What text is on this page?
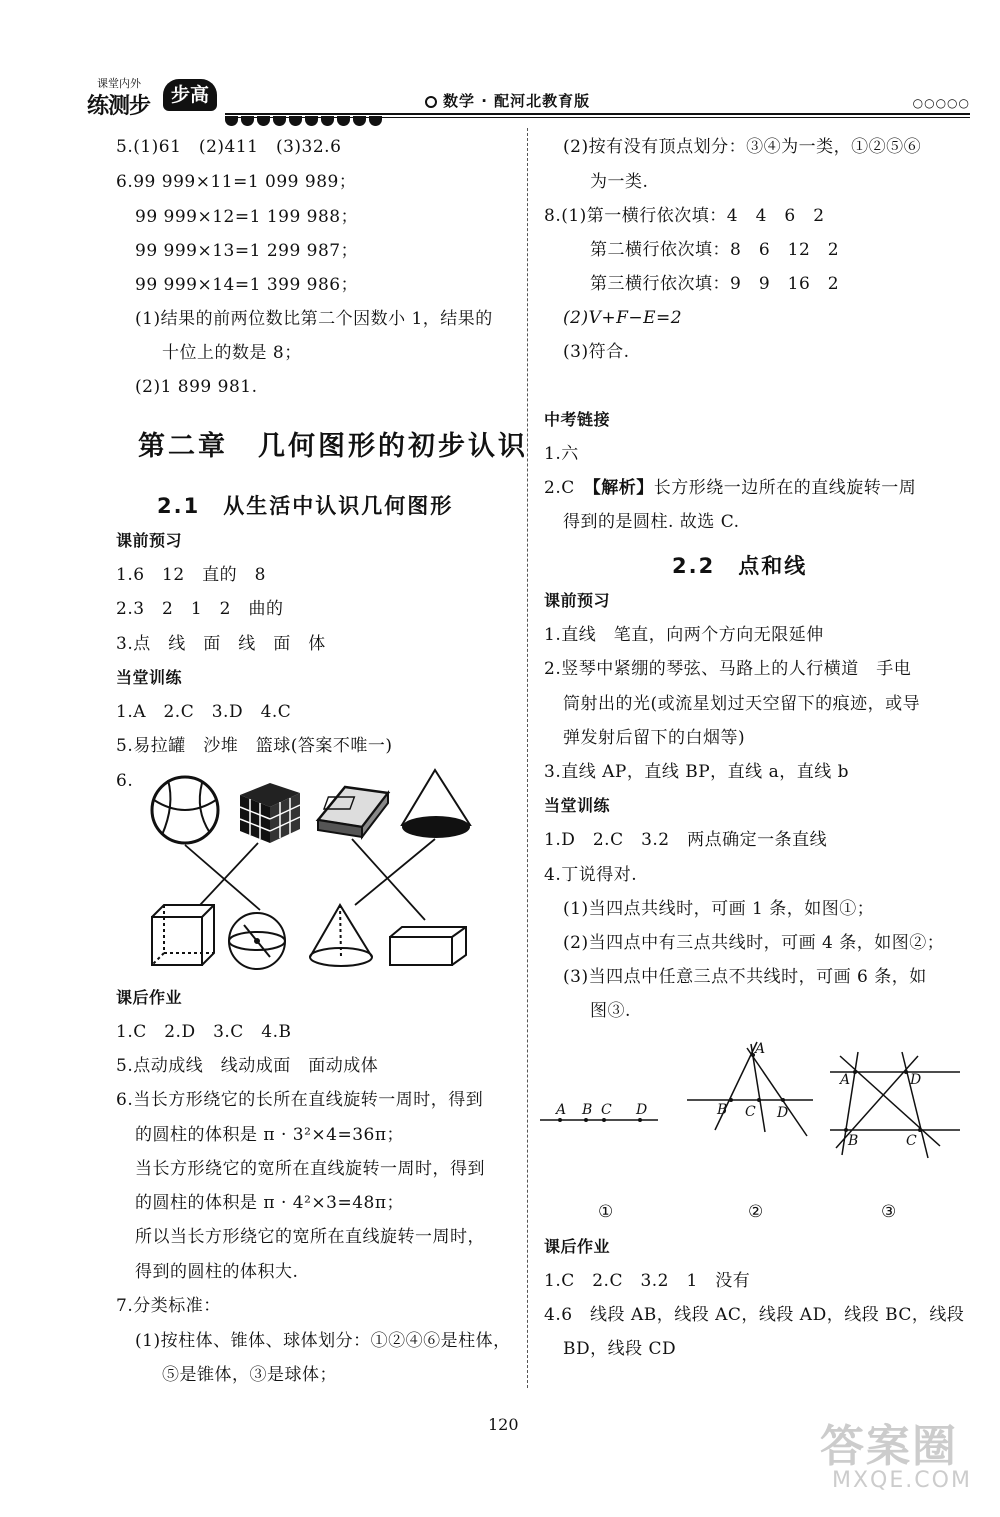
课堂内外
练测步	步高	数学 · 配河北教育版	○○○○○
5.(1)61　(2)411　(3)32.6
6.99 999×11=1 099 989；
99 999×12=1 199 988；
99 999×13=1 299 987；
99 999×14=1 399 986；
(1)结果的前两位数比第二个因数小 1，结果的
十位上的数是 8；
(2)1 899 981.
第二章　几何图形的初步认识
2.1　从生活中认识几何图形
课前预习
1.6　12　直的　8
2.3　2　1　2　曲的
3.点　线　面　线　面　体
当堂训练
1.A　2.C　3.D　4.C
5.易拉罐　沙堆　篮球(答案不唯一)
6.
课后作业
1.C　2.D　3.C　4.B
5.点动成线　线动成面　面动成体
6.当长方形绕它的长所在直线旋转一周时，得到
的圆柱的体积是 π · 3²×4=36π；
当长方形绕它的宽所在直线旋转一周时，得到
的圆柱的体积是 π · 4²×3=48π；
所以当长方形绕它的宽所在直线旋转一周时，
得到的圆柱的体积大.
7.分类标准：
(1)按柱体、锥体、球体划分：①②④⑥是柱体，
⑤是锥体，③是球体；
(2)按有没有顶点划分：③④为一类，①②⑤⑥
为一类.
8.(1)第一横行依次填：4　4　6　2
第二横行依次填：8　6　12　2
第三横行依次填：9　9　16　2
(2)V+F−E=2
(3)符合.
中考链接
1.六
2.C　【解析】长方形绕一边所在的直线旋转一周
得到的是圆柱. 故选 C.
2.2　点和线
课前预习
1.直线　笔直，向两个方向无限延伸
2.竖琴中紧绷的琴弦、马路上的人行横道　手电
筒射出的光(或流星划过天空留下的痕迹，或导
弹发射后留下的白烟等)
3.直线 AP，直线 BP，直线 a，直线 b
当堂训练
1.D　2.C　3.2　两点确定一条直线
4.丁说得对.
(1)当四点共线时，可画 1 条，如图①；
(2)当四点中有三点共线时，可画 4 条，如图②；
(3)当四点中任意三点不共线时，可画 6 条，如
图③.
A B C D
A
B C D
A	D
B	C
①	②	③
课后作业
1.C　2.C　3.2　1　没有
4.6　线段 AB，线段 AC，线段 AD，线段 BC，线段
BD，线段 CD
120	答案圈
MXQE.COM
